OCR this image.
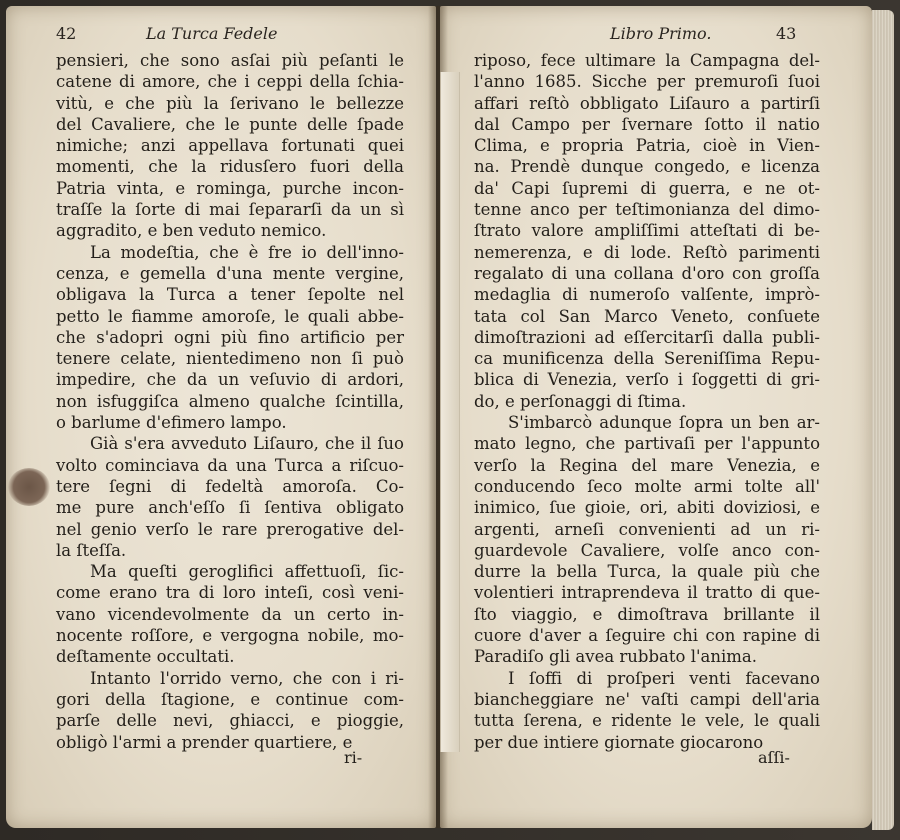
42	La Turca Fedele
pensieri, che sono asſai più peſanti le
catene di amore, che i ceppi della ſchia-
vitù, e che più la ſerivano le bellezze
del Cavaliere, che le punte delle ſpade
nimiche; anzi appellava fortunati quei
momenti, che la ridusſero fuori della
Patria vinta, e rominga, purche incon-
traſſe la ſorte di mai ſepararſi da un sì
aggradito, e ben veduto nemico.
La modeſtia, che è fre io dell'inno-
cenza, e gemella d'una mente vergine,
obligava la Turca a tener ſepolte nel
petto le fiamme amoroſe, le quali abbe-
che s'adopri ogni più fino artificio per
tenere celate, nientedimeno non ſi può
impedire, che da un veſuvio di ardori,
non isfuggiſca almeno qualche ſcintilla,
o barlume d'efimero lampo.
Già s'era avveduto Liſauro, che il ſuo
volto cominciava da una Turca a riſcuo-
tere ſegni di fedeltà amoroſa. Co-
me pure anch'eſſo ſi ſentiva obligato
nel genio verſo le rare prerogative del-
la ſteſſa.
Ma queſti geroglifici affettuoſi, ſic-
come erano tra di loro inteſi, così veni-
vano vicendevolmente da un certo in-
nocente roſſore, e vergogna nobile, mo-
deſtamente occultati.
Intanto l'orrido verno, che con i ri-
gori della ſtagione, e continue com-
parſe delle nevi, ghiacci, e pioggie,
obligò l'armi a prender quartiere, e
ri-
Libro Primo.	43
riposo, fece ultimare la Campagna del-
l'anno 1685. Sicche per premuroſi ſuoi
affari reſtò obbligato Liſauro a partirſi
dal Campo per ſvernare ſotto il natio
Clima, e propria Patria, cioè in Vien-
na. Prendè dunque congedo, e licenza
da' Capi ſupremi di guerra, e ne ot-
tenne anco per teſtimonianza del dimo-
ſtrato valore ampliſſimi atteſtati di be-
nemerenza, e di lode. Reſtò parimenti
regalato di una collana d'oro con groſſa
medaglia di numeroſo valſente, imprò-
tata col San Marco Veneto, conſuete
dimoſtrazioni ad eſſercitarſi dalla publi-
ca munificenza della Sereniſſima Repu-
blica di Venezia, verſo i ſoggetti di gri-
do, e perſonaggi di ſtima.
S'imbarcò adunque ſopra un ben ar-
mato legno, che partivaſi per l'appunto
verſo la Regina del mare Venezia, e
conducendo ſeco molte armi tolte all'
inimico, ſue gioie, ori, abiti doviziosi, e
argenti, arneſi convenienti ad un ri-
guardevole Cavaliere, volſe anco con-
durre la bella Turca, la quale più che
volentieri intraprendeva il tratto di que-
ſto viaggio, e dimoſtrava brillante il
cuore d'aver a ſeguire chi con rapine di
Paradiſo gli avea rubbato l'anima.
I ſoffi di proſperi venti facevano
biancheggiare ne' vaſti campi dell'aria
tutta ſerena, e ridente le vele, le quali
per due intiere giornate giocarono
aſſi-
